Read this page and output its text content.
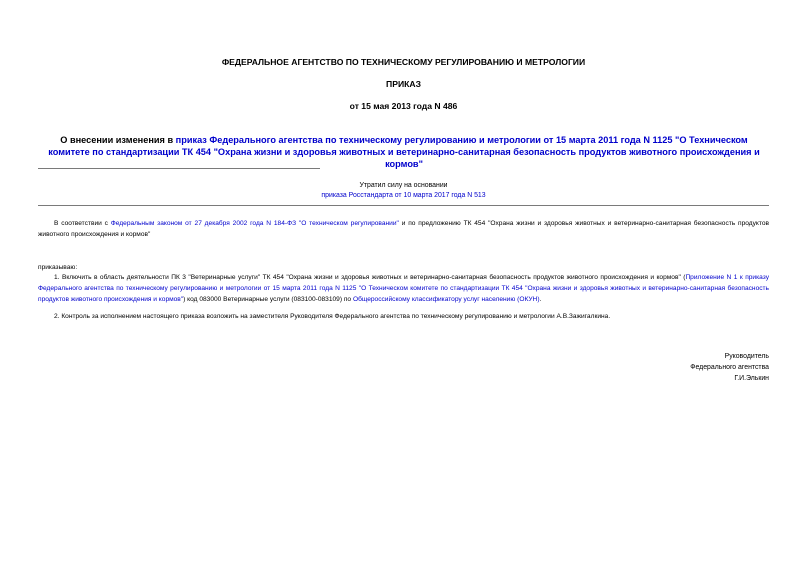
ФЕДЕРАЛЬНОЕ АГЕНТСТВО ПО ТЕХНИЧЕСКОМУ РЕГУЛИРОВАНИЮ И МЕТРОЛОГИИ
ПРИКАЗ
от 15 мая 2013 года N 486
О внесении изменения в приказ Федерального агентства по техническому регулированию и метрологии от 15 марта 2011 года N 1125 "О Техническом комитете по стандартизации ТК 454 "Охрана жизни и здоровья животных и ветеринарно-санитарная безопасность продуктов животного происхождения и кормов"
Утратил силу на основании
приказа Росстандарта от 10 марта 2017 года N 513
В соответствии с Федеральным законом от 27 декабря 2002 года N 184-ФЗ "О техническом регулировании" и по предложению ТК 454 "Охрана жизни и здоровья животных и ветеринарно-санитарная безопасность продуктов животного происхождения и кормов"
приказываю:
1. Включить в область деятельности ПК 3 "Ветеринарные услуги" ТК 454 "Охрана жизни и здоровья животных и ветеринарно-санитарная безопасность продуктов животного происхождения и кормов" (Приложение N 1 к приказу Федерального агентства по техническому регулированию и метрологии от 15 марта 2011 года N 1125 "О Техническом комитете по стандартизации ТК 454 "Охрана жизни и здоровья животных и ветеринарно-санитарная безопасность продуктов животного происхождения и кормов") код 083000 Ветеринарные услуги (083100-083109) по Общероссийскому классификатору услуг населению (ОКУН).
2. Контроль за исполнением настоящего приказа возложить на заместителя Руководителя Федерального агентства по техническому регулированию и метрологии А.В.Зажигалкина.
Руководитель
Федерального агентства
Г.И.Элькин
